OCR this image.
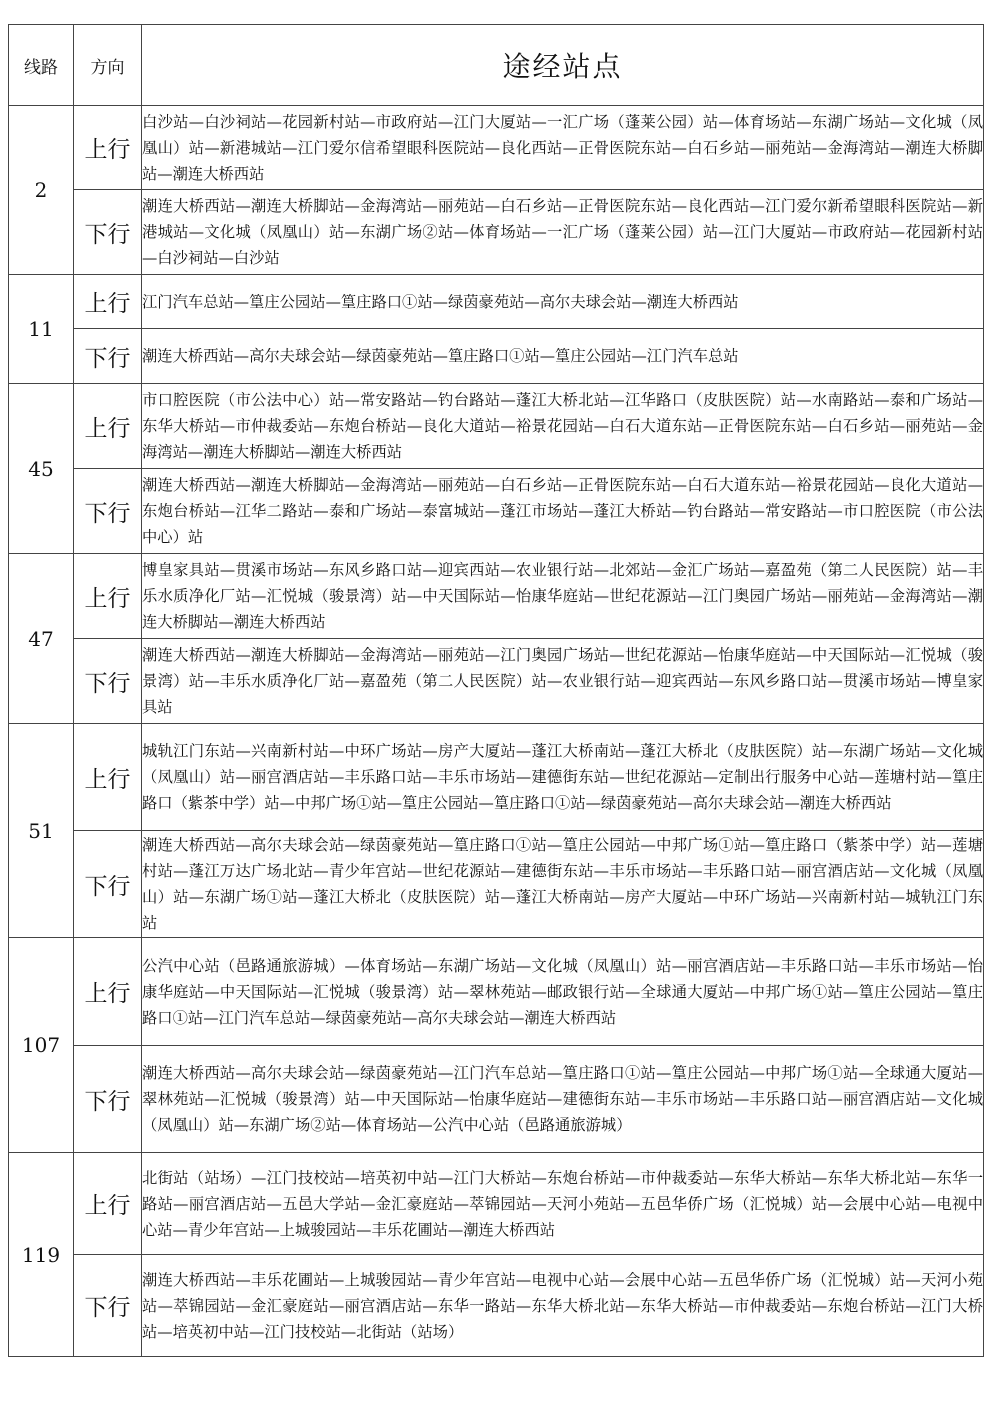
线路	方向	途经站点
2	上行	白沙站—白沙祠站—花园新村站—市政府站—江门大厦站—一汇广场（蓬莱公园）站—体育场站—东湖广场站—文化城（凤凰山）站—新港城站—江门爱尔信希望眼科医院站—良化西站—正骨医院东站—白石乡站—丽苑站—金海湾站—潮连大桥脚站—潮连大桥西站
	下行	潮连大桥西站—潮连大桥脚站—金海湾站—丽苑站—白石乡站—正骨医院东站—良化西站—江门爱尔新希望眼科医院站—新港城站—文化城（凤凰山）站—东湖广场②站—体育场站—一汇广场（蓬莱公园）站—江门大厦站—市政府站—花园新村站—白沙祠站—白沙站
11	上行	江门汽车总站—篁庄公园站—篁庄路口①站—绿茵豪苑站—高尔夫球会站—潮连大桥西站
	下行	潮连大桥西站—高尔夫球会站—绿茵豪苑站—篁庄路口①站—篁庄公园站—江门汽车总站
45	上行	市口腔医院（市公法中心）站—常安路站—钓台路站—蓬江大桥北站—江华路口（皮肤医院）站—水南路站—泰和广场站—东华大桥站—市仲裁委站—东炮台桥站—良化大道站—裕景花园站—白石大道东站—正骨医院东站—白石乡站—丽苑站—金海湾站—潮连大桥脚站—潮连大桥西站
	下行	潮连大桥西站—潮连大桥脚站—金海湾站—丽苑站—白石乡站—正骨医院东站—白石大道东站—裕景花园站—良化大道站—东炮台桥站—江华二路站—泰和广场站—泰富城站—蓬江市场站—蓬江大桥站—钓台路站—常安路站—市口腔医院（市公法中心）站
47	上行	博皇家具站—贯溪市场站—东风乡路口站—迎宾西站—农业银行站—北郊站—金汇广场站—嘉盈苑（第二人民医院）站—丰乐水质净化厂站—汇悦城（骏景湾）站—中天国际站—怡康华庭站—世纪花源站—江门奥园广场站—丽苑站—金海湾站—潮连大桥脚站—潮连大桥西站
	下行	潮连大桥西站—潮连大桥脚站—金海湾站—丽苑站—江门奥园广场站—世纪花源站—怡康华庭站—中天国际站—汇悦城（骏景湾）站—丰乐水质净化厂站—嘉盈苑（第二人民医院）站—农业银行站—迎宾西站—东风乡路口站—贯溪市场站—博皇家具站
51	上行	城轨江门东站—兴南新村站—中环广场站—房产大厦站—蓬江大桥南站—蓬江大桥北（皮肤医院）站—东湖广场站—文化城（凤凰山）站—丽宫酒店站—丰乐路口站—丰乐市场站—建德街东站—世纪花源站—定制出行服务中心站—莲塘村站—篁庄路口（紫茶中学）站—中邦广场①站—篁庄公园站—篁庄路口①站—绿茵豪苑站—高尔夫球会站—潮连大桥西站
	下行	潮连大桥西站—高尔夫球会站—绿茵豪苑站—篁庄路口①站—篁庄公园站—中邦广场①站—篁庄路口（紫茶中学）站—莲塘村站—蓬江万达广场北站—青少年宫站—世纪花源站—建德街东站—丰乐市场站—丰乐路口站—丽宫酒店站—文化城（凤凰山）站—东湖广场①站—蓬江大桥北（皮肤医院）站—蓬江大桥南站—房产大厦站—中环广场站—兴南新村站—城轨江门东站
107	上行	公汽中心站（邑路通旅游城）—体育场站—东湖广场站—文化城（凤凰山）站—丽宫酒店站—丰乐路口站—丰乐市场站—怡康华庭站—中天国际站—汇悦城（骏景湾）站—翠林苑站—邮政银行站—全球通大厦站—中邦广场①站—篁庄公园站—篁庄路口①站—江门汽车总站—绿茵豪苑站—高尔夫球会站—潮连大桥西站
	下行	潮连大桥西站—高尔夫球会站—绿茵豪苑站—江门汽车总站—篁庄路口①站—篁庄公园站—中邦广场①站—全球通大厦站—翠林苑站—汇悦城（骏景湾）站—中天国际站—怡康华庭站—建德街东站—丰乐市场站—丰乐路口站—丽宫酒店站—文化城（凤凰山）站—东湖广场②站—体育场站—公汽中心站（邑路通旅游城）
119	上行	北街站（站场）—江门技校站—培英初中站—江门大桥站—东炮台桥站—市仲裁委站—东华大桥站—东华大桥北站—东华一路站—丽宫酒店站—五邑大学站—金汇豪庭站—萃锦园站—天河小苑站—五邑华侨广场（汇悦城）站—会展中心站—电视中心站—青少年宫站—上城骏园站—丰乐花圃站—潮连大桥西站
	下行	潮连大桥西站—丰乐花圃站—上城骏园站—青少年宫站—电视中心站—会展中心站—五邑华侨广场（汇悦城）站—天河小苑站—萃锦园站—金汇豪庭站—丽宫酒店站—东华一路站—东华大桥北站—东华大桥站—市仲裁委站—东炮台桥站—江门大桥站—培英初中站—江门技校站—北街站（站场）
